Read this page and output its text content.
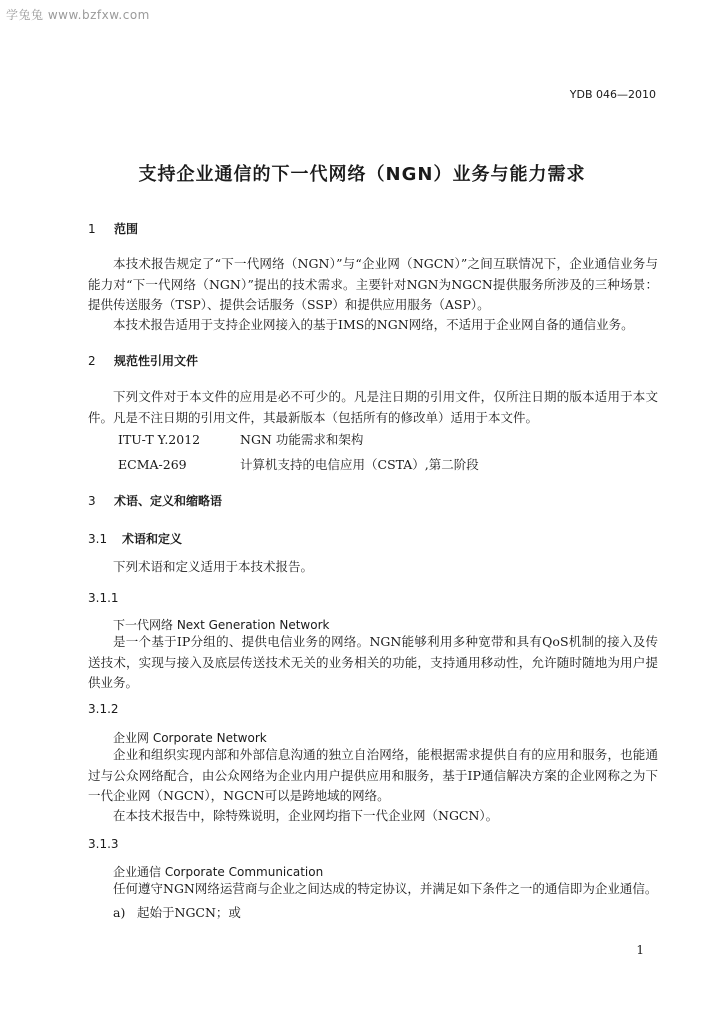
学兔兔 www.bzfxw.com
YDB 046—2010
支持企业通信的下一代网络（NGN）业务与能力需求
1 范围
本技术报告规定了“下一代网络（NGN）”与“企业网（NGCN）”之间互联情况下，企业通信业务与能力对“下一代网络（NGN）”提出的技术需求。主要针对NGN为NGCN提供服务所涉及的三种场景：提供传送服务（TSP）、提供会话服务（SSP）和提供应用服务（ASP）。
本技术报告适用于支持企业网接入的基于IMS的NGN网络，不适用于企业网自备的通信业务。
2 规范性引用文件
下列文件对于本文件的应用是必不可少的。凡是注日期的引用文件，仅所注日期的版本适用于本文件。凡是不注日期的引用文件，其最新版本（包括所有的修改单）适用于本文件。
ITU-T Y.2012	NGN 功能需求和架构
ECMA-269	计算机支持的电信应用（CSTA）,第二阶段
3 术语、定义和缩略语
3.1 术语和定义
下列术语和定义适用于本技术报告。
3.1.1
下一代网络 Next Generation Network
是一个基于IP分组的、提供电信业务的网络。NGN能够利用多种宽带和具有QoS机制的接入及传送技术，实现与接入及底层传送技术无关的业务相关的功能，支持通用移动性，允许随时随地为用户提供业务。
3.1.2
企业网 Corporate Network
企业和组织实现内部和外部信息沟通的独立自治网络，能根据需求提供自有的应用和服务，也能通过与公众网络配合，由公众网络为企业内用户提供应用和服务，基于IP通信解决方案的企业网称之为下一代企业网（NGCN），NGCN可以是跨地域的网络。
在本技术报告中，除特殊说明，企业网均指下一代企业网（NGCN）。
3.1.3
企业通信 Corporate Communication
任何遵守NGN网络运营商与企业之间达成的特定协议，并满足如下条件之一的通信即为企业通信。
a) 起始于NGCN；或
1
